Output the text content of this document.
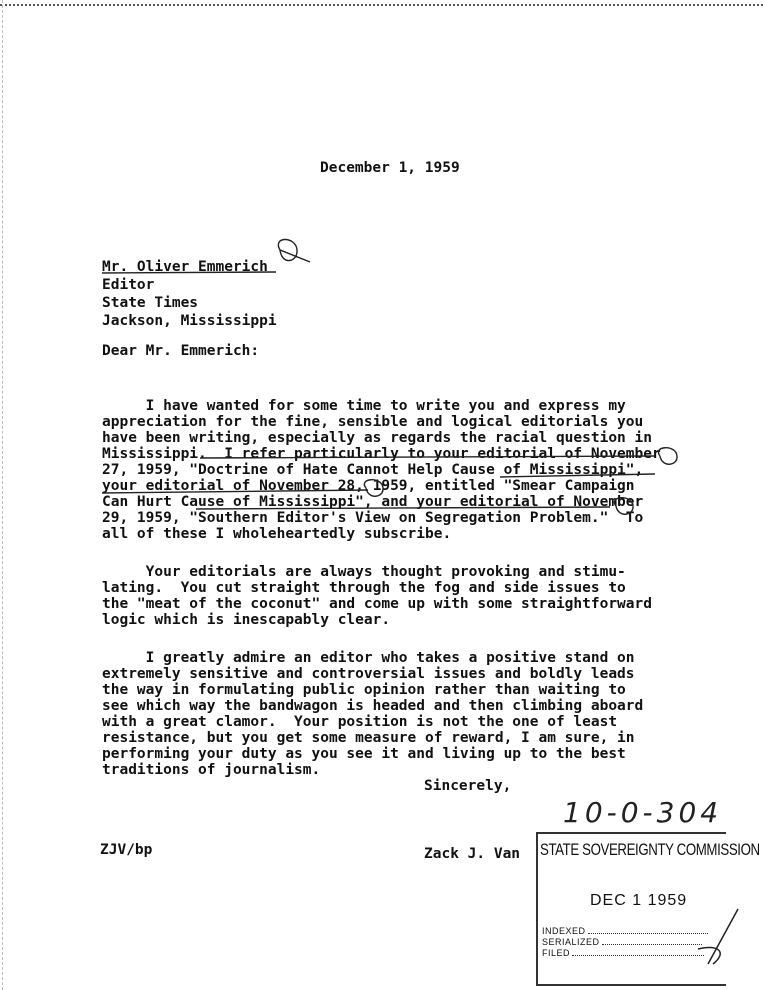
December 1, 1959
Mr. Oliver Emmerich
Editor
State Times
Jackson, Mississippi
Dear Mr. Emmerich:

I have wanted for some time to write you and express my
appreciation for the fine, sensible and logical editorials you
have been writing, especially as regards the racial question in
Mississippi.  I refer particularly to your editorial of November
27, 1959, "Doctrine of Hate Cannot Help Cause of Mississippi",
your editorial of November 28, 1959, entitled "Smear Campaign
Can Hurt Cause of Mississippi", and your editorial of November
29, 1959, "Southern Editor's View on Segregation Problem."  To
all of these I wholeheartedly subscribe.

Your editorials are always thought provoking and stimu-
lating.  You cut straight through the fog and side issues to
the "meat of the coconut" and come up with some straightforward
logic which is inescapably clear.

I greatly admire an editor who takes a positive stand on
extremely sensitive and controversial issues and boldly leads
the way in formulating public opinion rather than waiting to
see which way the bandwagon is headed and then climbing aboard
with a great clamor.  Your position is not the one of least
resistance, but you get some measure of reward, I am sure, in
performing your duty as you see it and living up to the best
traditions of journalism.

Sincerely,
10-0-304
ZJV/bp	Zack J. Van STATE SOVEREIGNTY COMMISSION
DEC 1 1959
INDEXED
SERIALIZED
FILED
